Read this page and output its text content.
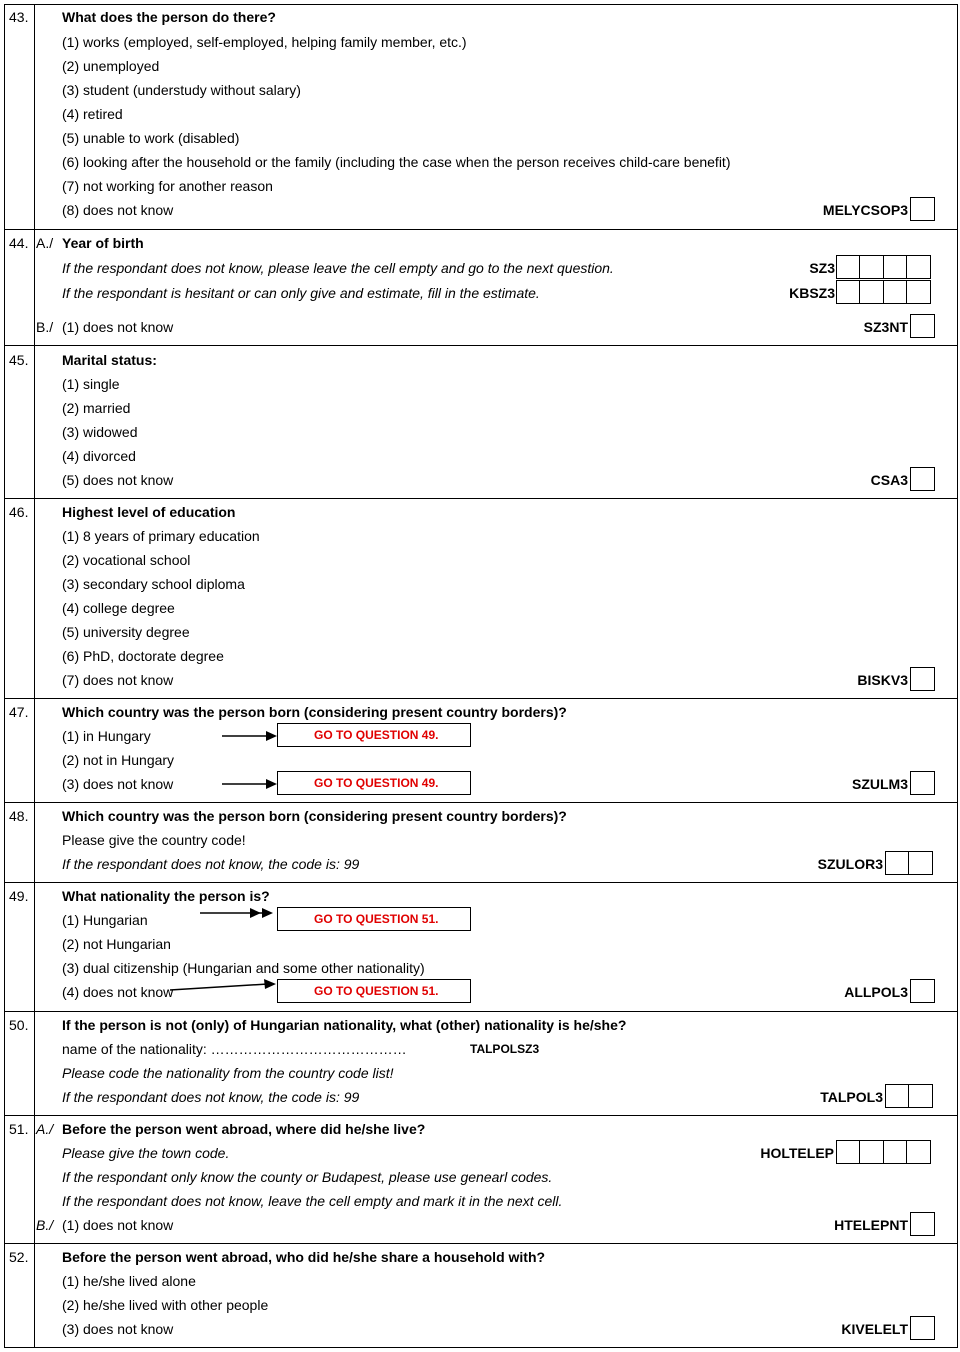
43. What does the person do there?
(1) works (employed, self-employed, helping family member, etc.)
(2) unemployed
(3) student (understudy without salary)
(4) retired
(5) unable to work (disabled)
(6) looking after the household or the family (including the case when the person receives child-care benefit)
(7) not working for another reason
(8) does not know	MELYCSOP3
44. A./ Year of birth
If the respondant does not know, please leave the cell empty and go to the next question.	SZ3
If the respondant is hesitant or can only give and estimate, fill in the estimate.	KBSZ3
B./ (1) does not know	SZ3NT
45. Marital status:
(1) single
(2) married
(3) widowed
(4) divorced
(5) does not know	CSA3
46. Highest level of education
(1) 8 years of primary education
(2) vocational school
(3) secondary school diploma
(4) college degree
(5) university degree
(6) PhD, doctorate degree
(7) does not know	BISKV3
47. Which country was the person born (considering present country borders)?
(1) in Hungary	GO TO QUESTION 49.
(2) not in Hungary
(3) does not know	GO TO QUESTION 49.	SZULM3
48. Which country was the person born (considering present country borders)?
Please give the country code!
If the respondant does not know, the code is: 99	SZULOR3
49. What nationality the person is?
(1) Hungarian	GO TO QUESTION 51.
(2) not Hungarian
(3) dual citizenship (Hungarian and some other nationality)
(4) does not know	GO TO QUESTION 51.	ALLPOL3
50. If the person is not (only) of Hungarian nationality, what (other) nationality is he/she?
name of the nationality: ……………………………………	TALPOLSZ3
Please code the nationality from the country code list!
If the respondant does not know, the code is: 99	TALPOL3
51. A./ Before the person went abroad, where did he/she live?
Please give the town code.	HOLTELEP
If the respondant only know the county or Budapest, please use genearl codes.
If the respondant does not know, leave the cell empty and mark it in the next cell.
B./ (1) does not know	HTELEPNT
52. Before the person went abroad, who did he/she share a household with?
(1) he/she lived alone
(2) he/she lived with other people
(3) does not know	KIVELELT
